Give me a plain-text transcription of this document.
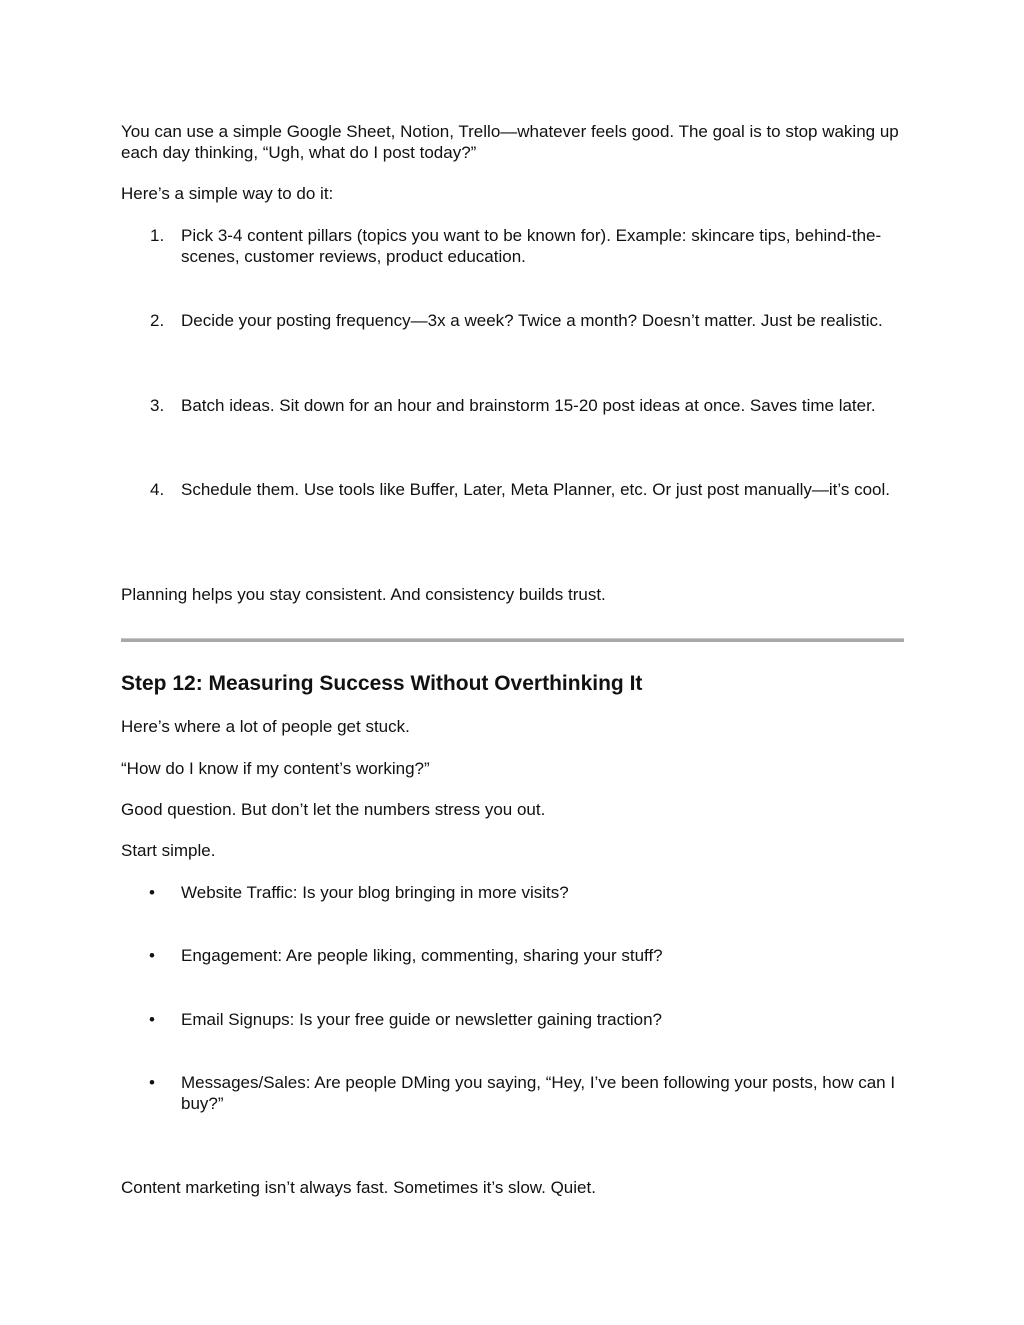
You can use a simple Google Sheet, Notion, Trello—whatever feels good. The goal is to stop waking up each day thinking, “Ugh, what do I post today?”

Here’s a simple way to do it:

1. Pick 3-4 content pillars (topics you want to be known for). Example: skincare tips, behind-the-scenes, customer reviews, product education.

2. Decide your posting frequency—3x a week? Twice a month? Doesn’t matter. Just be realistic.

3. Batch ideas. Sit down for an hour and brainstorm 15-20 post ideas at once. Saves time later.

4. Schedule them. Use tools like Buffer, Later, Meta Planner, etc. Or just post manually—it’s cool.

Planning helps you stay consistent. And consistency builds trust.

Step 12: Measuring Success Without Overthinking It

Here’s where a lot of people get stuck.

“How do I know if my content’s working?”

Good question. But don’t let the numbers stress you out.

Start simple.

• Website Traffic: Is your blog bringing in more visits?

• Engagement: Are people liking, commenting, sharing your stuff?

• Email Signups: Is your free guide or newsletter gaining traction?

• Messages/Sales: Are people DMing you saying, “Hey, I’ve been following your posts, how can I buy?”

Content marketing isn’t always fast. Sometimes it’s slow. Quiet.
